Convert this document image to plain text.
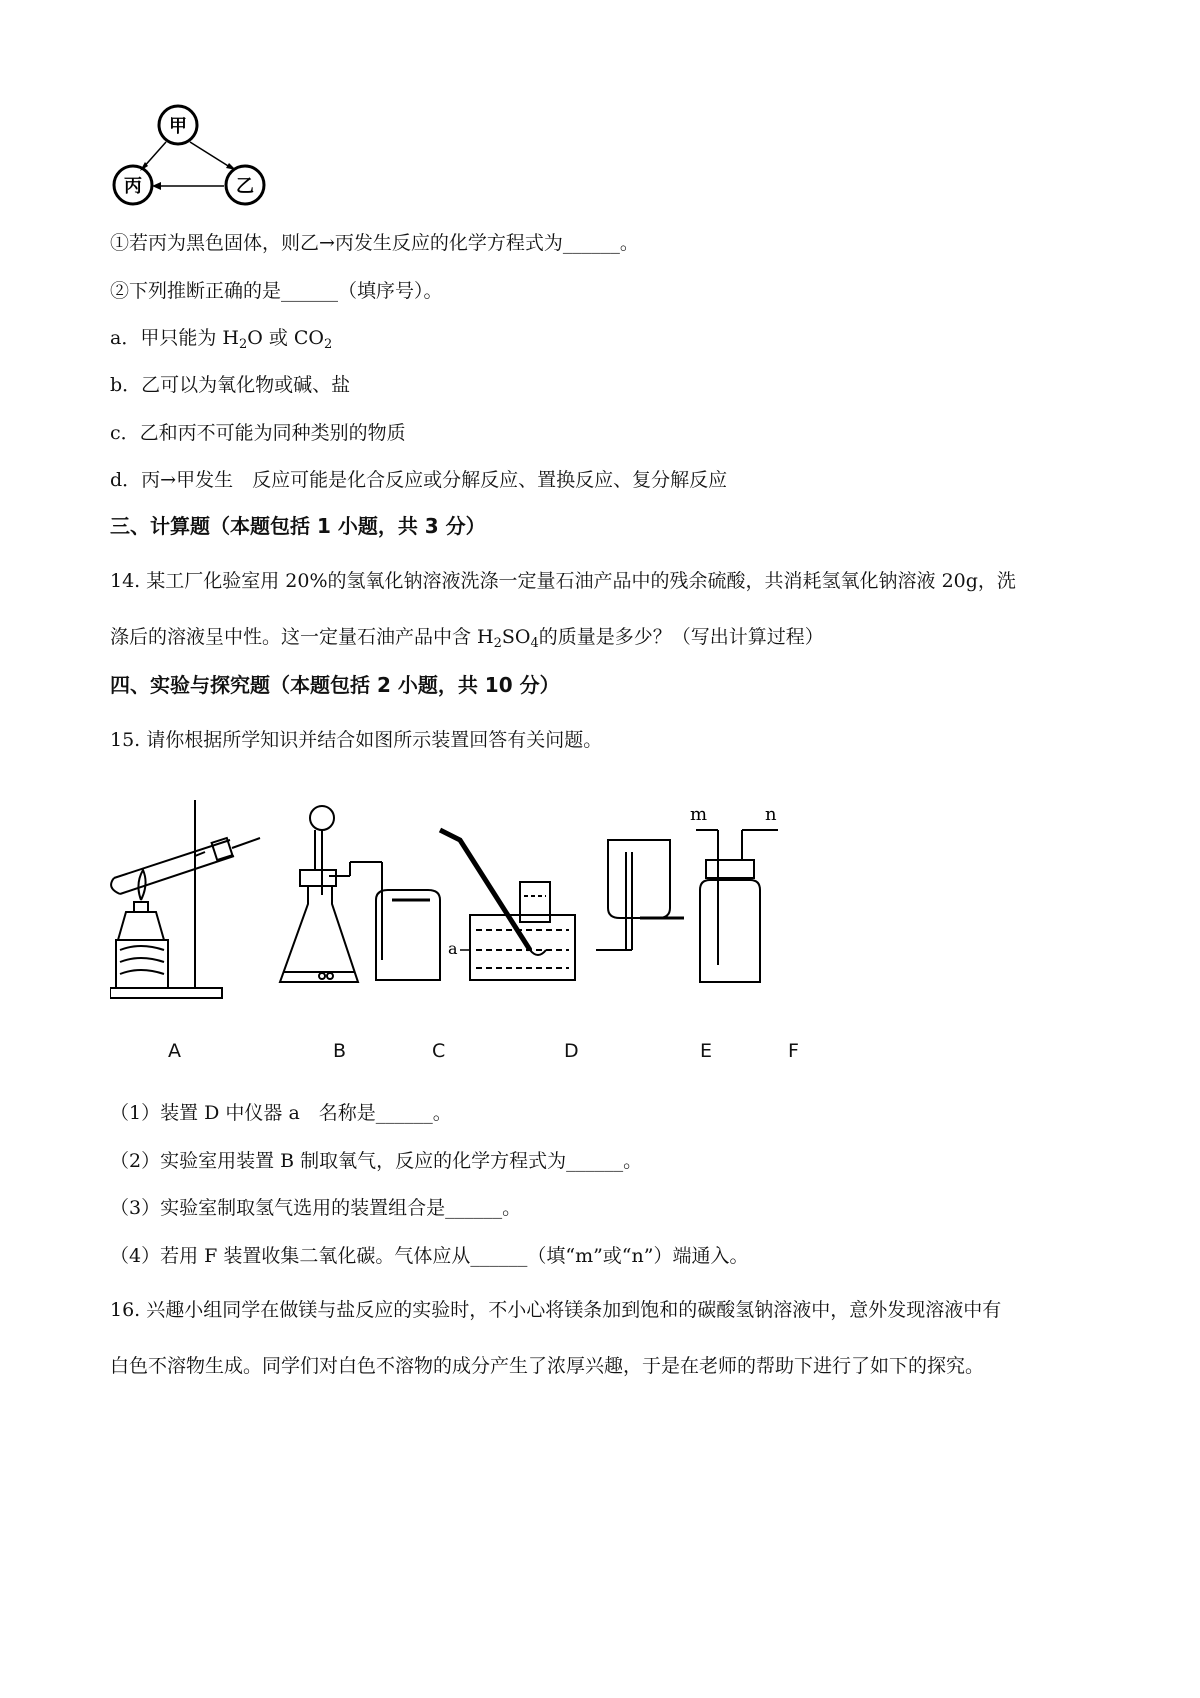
甲
丙	乙
①若丙为黑色固体，则乙→丙发生反应的化学方程式为______。
②下列推断正确的是______（填序号）。
a．甲只能为 $H_2O$ 或 $CO_2$
b．乙可以为氧化物或碱、盐
c．乙和丙不可能为同种类别的物质
d．丙→甲发生　反应可能是化合反应或分解反应、置换反应、复分解反应
三、计算题（本题包括 1 小题，共 3 分）
14. 某工厂化验室用 20%的氢氧化钠溶液洗涤一定量石油产品中的残余硫酸，共消耗氢氧化钠溶液 20g，洗
涤后的溶液呈中性。这一定量石油产品中含 $H_2SO_4$的质量是多少？（写出计算过程）
四、实验与探究题（本题包括 2 小题，共 10 分）
15. 请你根据所学知识并结合如图所示装置回答有关问题。
a
m	n
A	B	C	D	E	F
（1）装置 D 中仪器 a　名称是______。
（2）实验室用装置 B 制取氧气，反应的化学方程式为______。
（3）实验室制取氢气选用的装置组合是______。
（4）若用 F 装置收集二氧化碳。气体应从______（填“m”或“n”）端通入。
16. 兴趣小组同学在做镁与盐反应的实验时，不小心将镁条加到饱和的碳酸氢钠溶液中，意外发现溶液中有
白色不溶物生成。同学们对白色不溶物的成分产生了浓厚兴趣，于是在老师的帮助下进行了如下的探究。
